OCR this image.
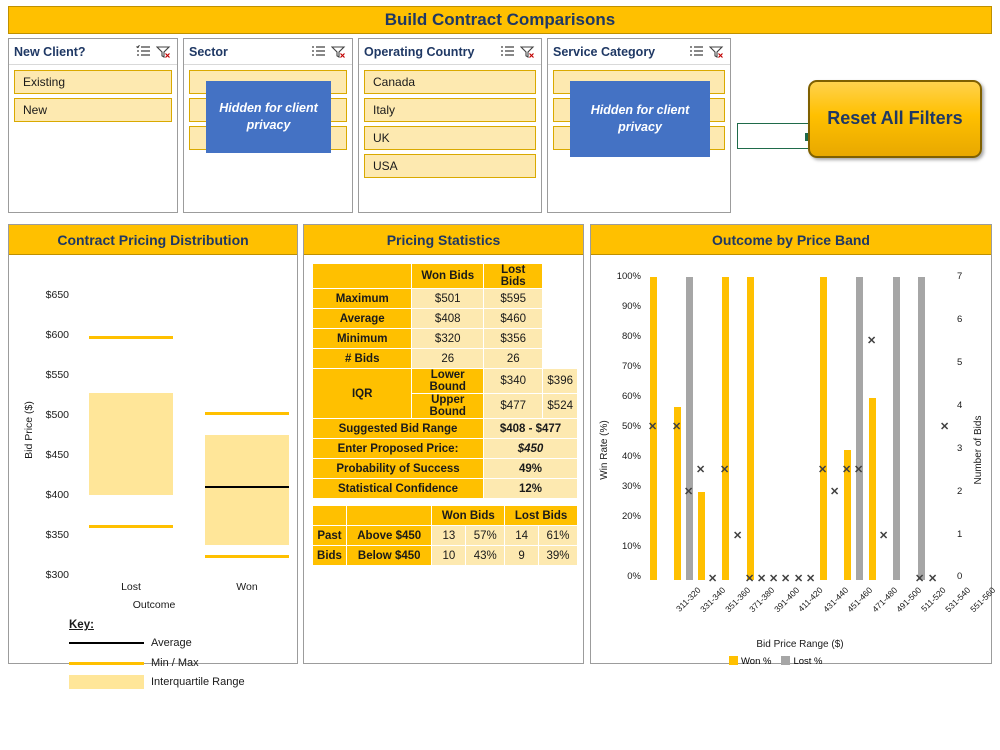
Build Contract Comparisons
New Client?
Existing
New
Sector
Hidden for client privacy
Operating Country
Canada
Italy
UK
USA
Service Category
Hidden for client privacy	Reset All Filters
Contract Pricing Distribution
Bid Price ($)
$650
$600
$550
$500
$450
$400
$350
$300
Lost	Won
Outcome
Key:
Average
Min / Max
Interquartile Range
Pricing Statistics
	Won Bids	Lost Bids	
Maximum	$501	$595	
Average	$408	$460	
Minimum	$320	$356	
# Bids	26	26	
IQR	Lower Bound	$340	$396
	Upper Bound	$477	$524
Suggested Bid Range		$408 - $477	
Enter Proposed Price:		$450	
Probability of Success		49%	
Statistical Confidence		12%	
		Won Bids		Lost Bids	
Past	Above $450	13	57%	14	61%
Bids	Below $450	10	43%	9	39%
Outcome by Price Band
Win Rate (%)	Number of Bids
100%
90%
80%
70%
60%
50%
40%
30%
20%
10%
0%
7
6
5
4
3
2
1
0
✕ ✕
✕
✕
✕
✕
✕
✕ ✕ ✕ ✕ ✕ ✕
✕
✕
✕ ✕
✕
✕
✕ ✕
✕
311-320
331-340
351-360
371-380
391-400
411-420
431-440
451-460
471-480
491-500
511-520
531-540
551-560
Bid Price Range ($)
Won %	Lost %
